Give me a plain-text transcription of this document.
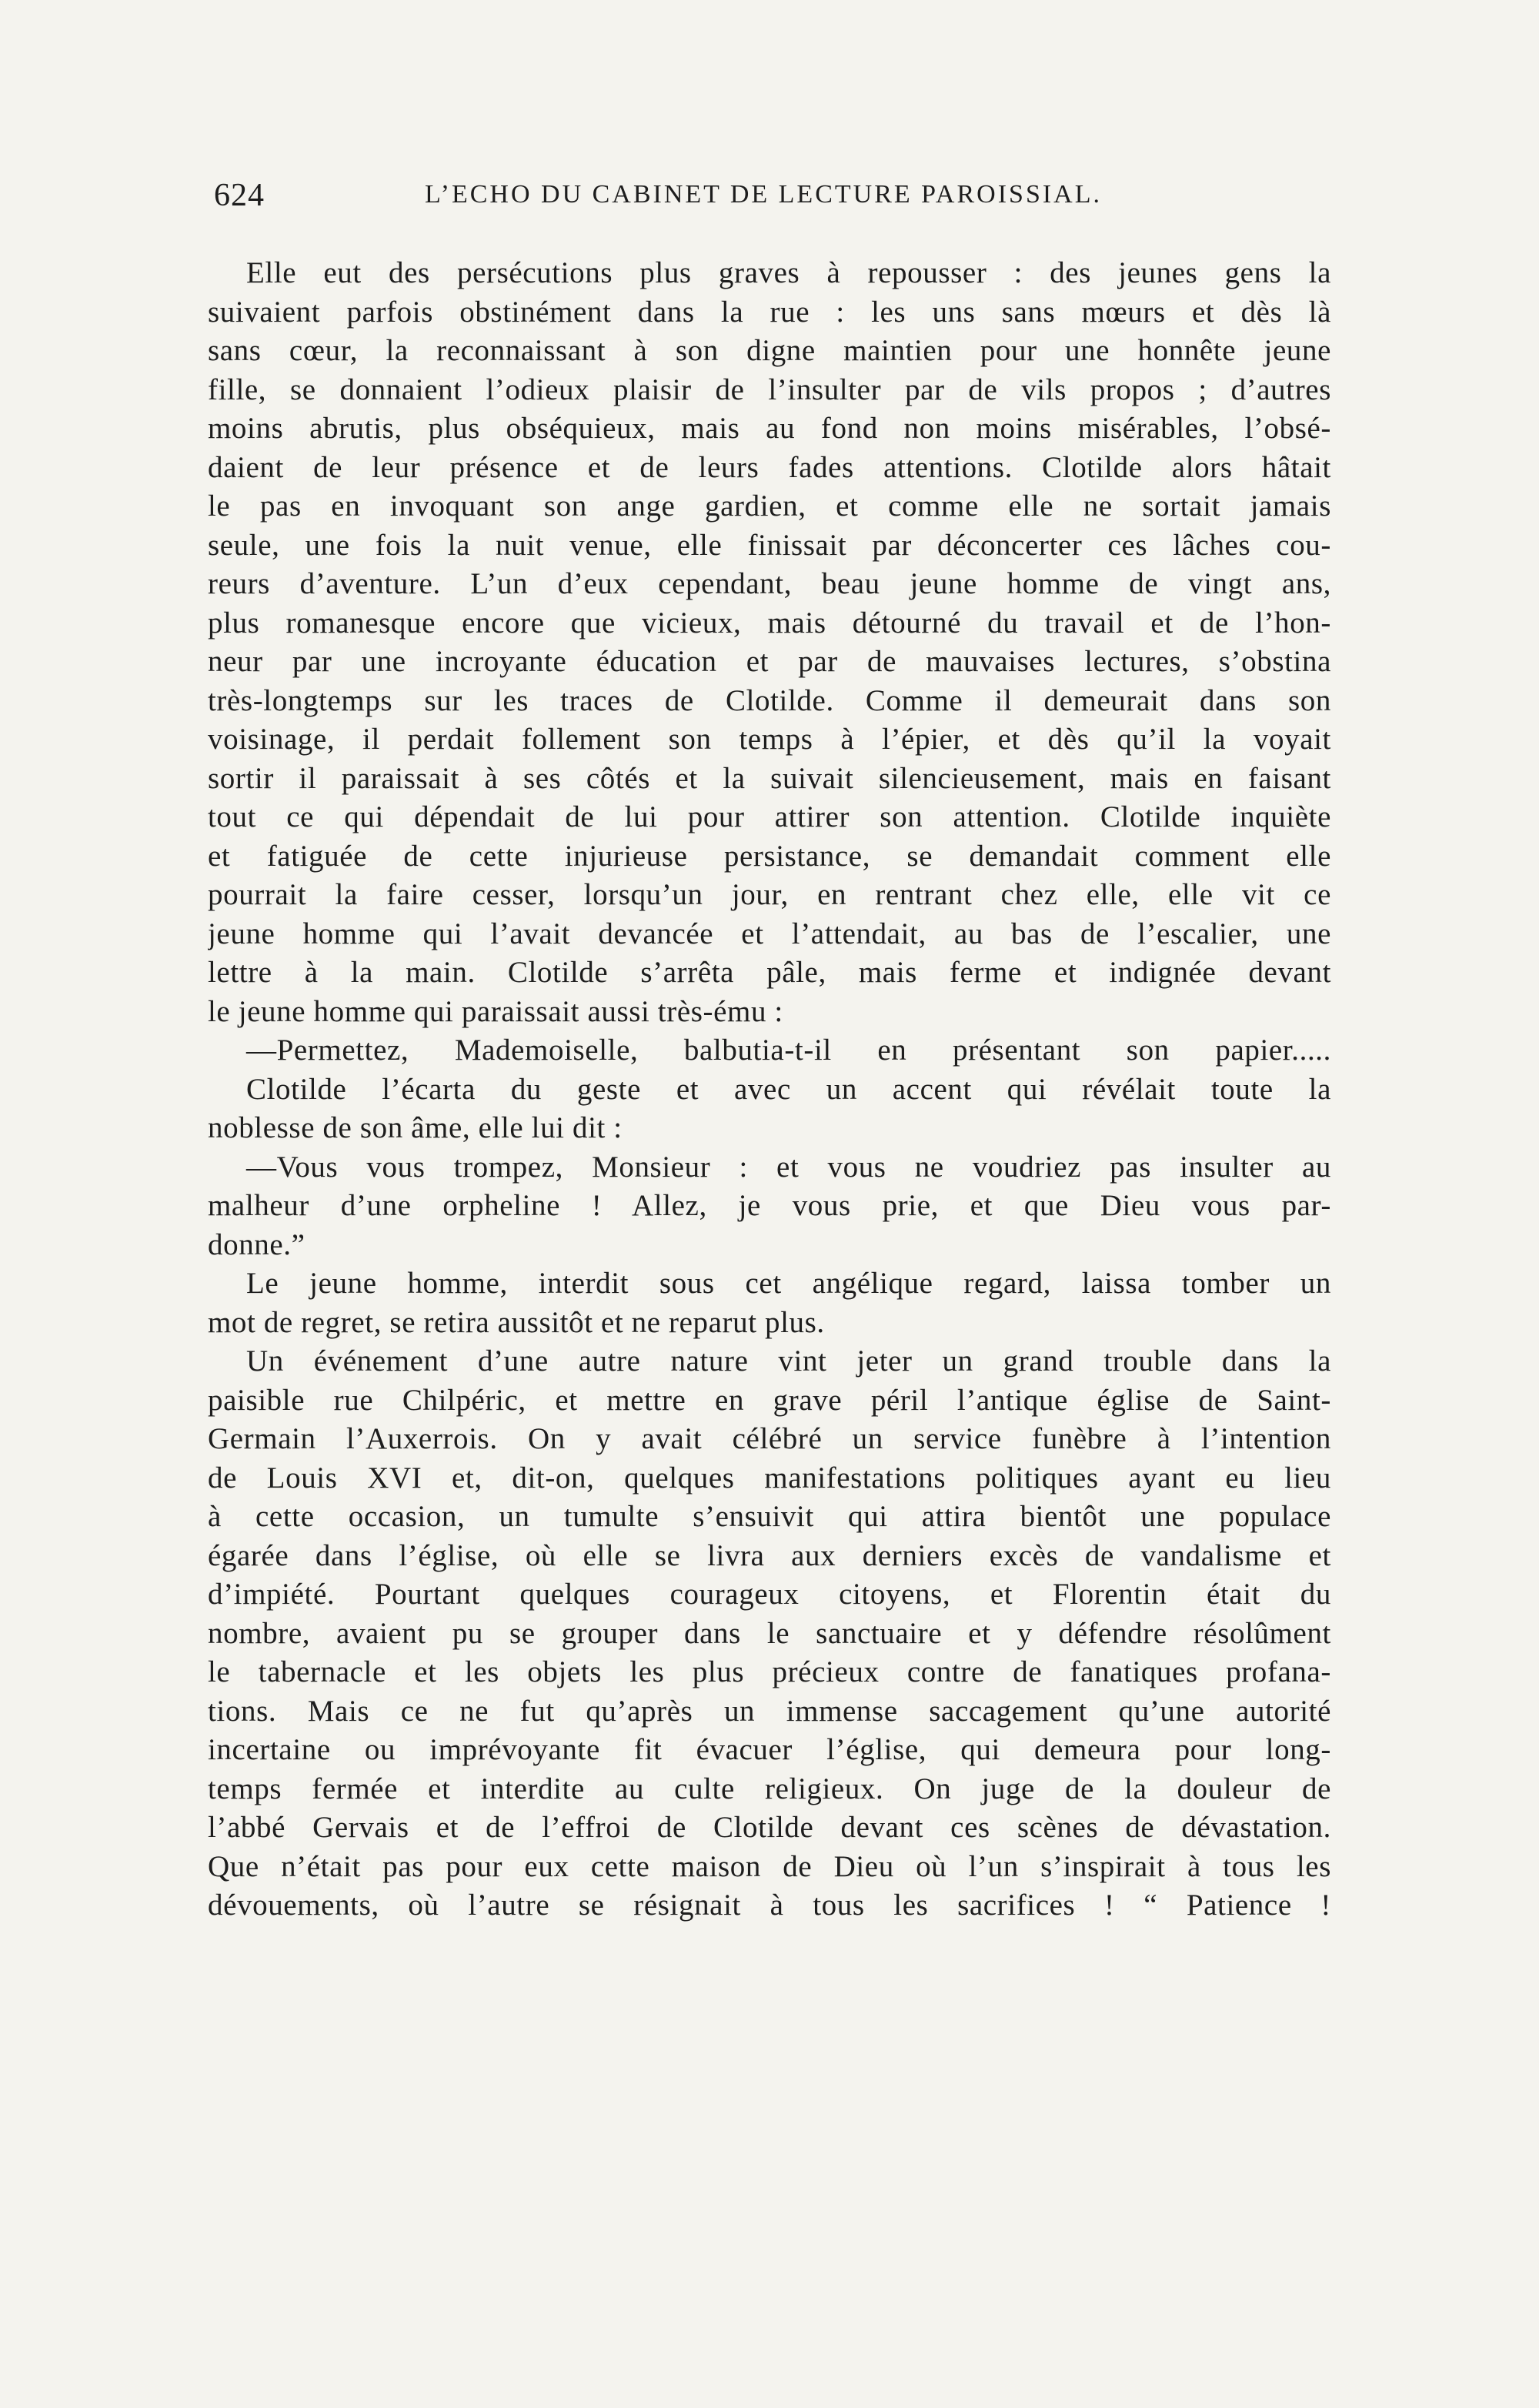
624	L’ECHO DU CABINET DE LECTURE PAROISSIAL.
Elle eut des persécutions plus graves à repousser : des jeunes gens la
suivaient parfois obstinément dans la rue : les uns sans mœurs et dès là
sans cœur, la reconnaissant à son digne maintien pour une honnête jeune
fille, se donnaient l’odieux plaisir de l’insulter par de vils propos ; d’autres
moins abrutis, plus obséquieux, mais au fond non moins misérables, l’obsé-
daient de leur présence et de leurs fades attentions. Clotilde alors hâtait
le pas en invoquant son ange gardien, et comme elle ne sortait jamais
seule, une fois la nuit venue, elle finissait par déconcerter ces lâches cou-
reurs d’aventure. L’un d’eux cependant, beau jeune homme de vingt ans,
plus romanesque encore que vicieux, mais détourné du travail et de l’hon-
neur par une incroyante éducation et par de mauvaises lectures, s’obstina
très-longtemps sur les traces de Clotilde. Comme il demeurait dans son
voisinage, il perdait follement son temps à l’épier, et dès qu’il la voyait
sortir il paraissait à ses côtés et la suivait silencieusement, mais en faisant
tout ce qui dépendait de lui pour attirer son attention. Clotilde inquiète
et fatiguée de cette injurieuse persistance, se demandait comment elle
pourrait la faire cesser, lorsqu’un jour, en rentrant chez elle, elle vit ce
jeune homme qui l’avait devancée et l’attendait, au bas de l’escalier, une
lettre à la main. Clotilde s’arrêta pâle, mais ferme et indignée devant
le jeune homme qui paraissait aussi très-ému :
—Permettez, Mademoiselle, balbutia-t-il en présentant son papier.....
Clotilde l’écarta du geste et avec un accent qui révélait toute la
noblesse de son âme, elle lui dit :
—Vous vous trompez, Monsieur : et vous ne voudriez pas insulter au
malheur d’une orpheline ! Allez, je vous prie, et que Dieu vous par-
donne.”
Le jeune homme, interdit sous cet angélique regard, laissa tomber un
mot de regret, se retira aussitôt et ne reparut plus.
Un événement d’une autre nature vint jeter un grand trouble dans la
paisible rue Chilpéric, et mettre en grave péril l’antique église de Saint-
Germain l’Auxerrois. On y avait célébré un service funèbre à l’intention
de Louis XVI et, dit-on, quelques manifestations politiques ayant eu lieu
à cette occasion, un tumulte s’ensuivit qui attira bientôt une populace
égarée dans l’église, où elle se livra aux derniers excès de vandalisme et
d’impiété. Pourtant quelques courageux citoyens, et Florentin était du
nombre, avaient pu se grouper dans le sanctuaire et y défendre résolûment
le tabernacle et les objets les plus précieux contre de fanatiques profana-
tions. Mais ce ne fut qu’après un immense saccagement qu’une autorité
incertaine ou imprévoyante fit évacuer l’église, qui demeura pour long-
temps fermée et interdite au culte religieux. On juge de la douleur de
l’abbé Gervais et de l’effroi de Clotilde devant ces scènes de dévastation.
Que n’était pas pour eux cette maison de Dieu où l’un s’inspirait à tous les
dévouements, où l’autre se résignait à tous les sacrifices ! “ Patience !
